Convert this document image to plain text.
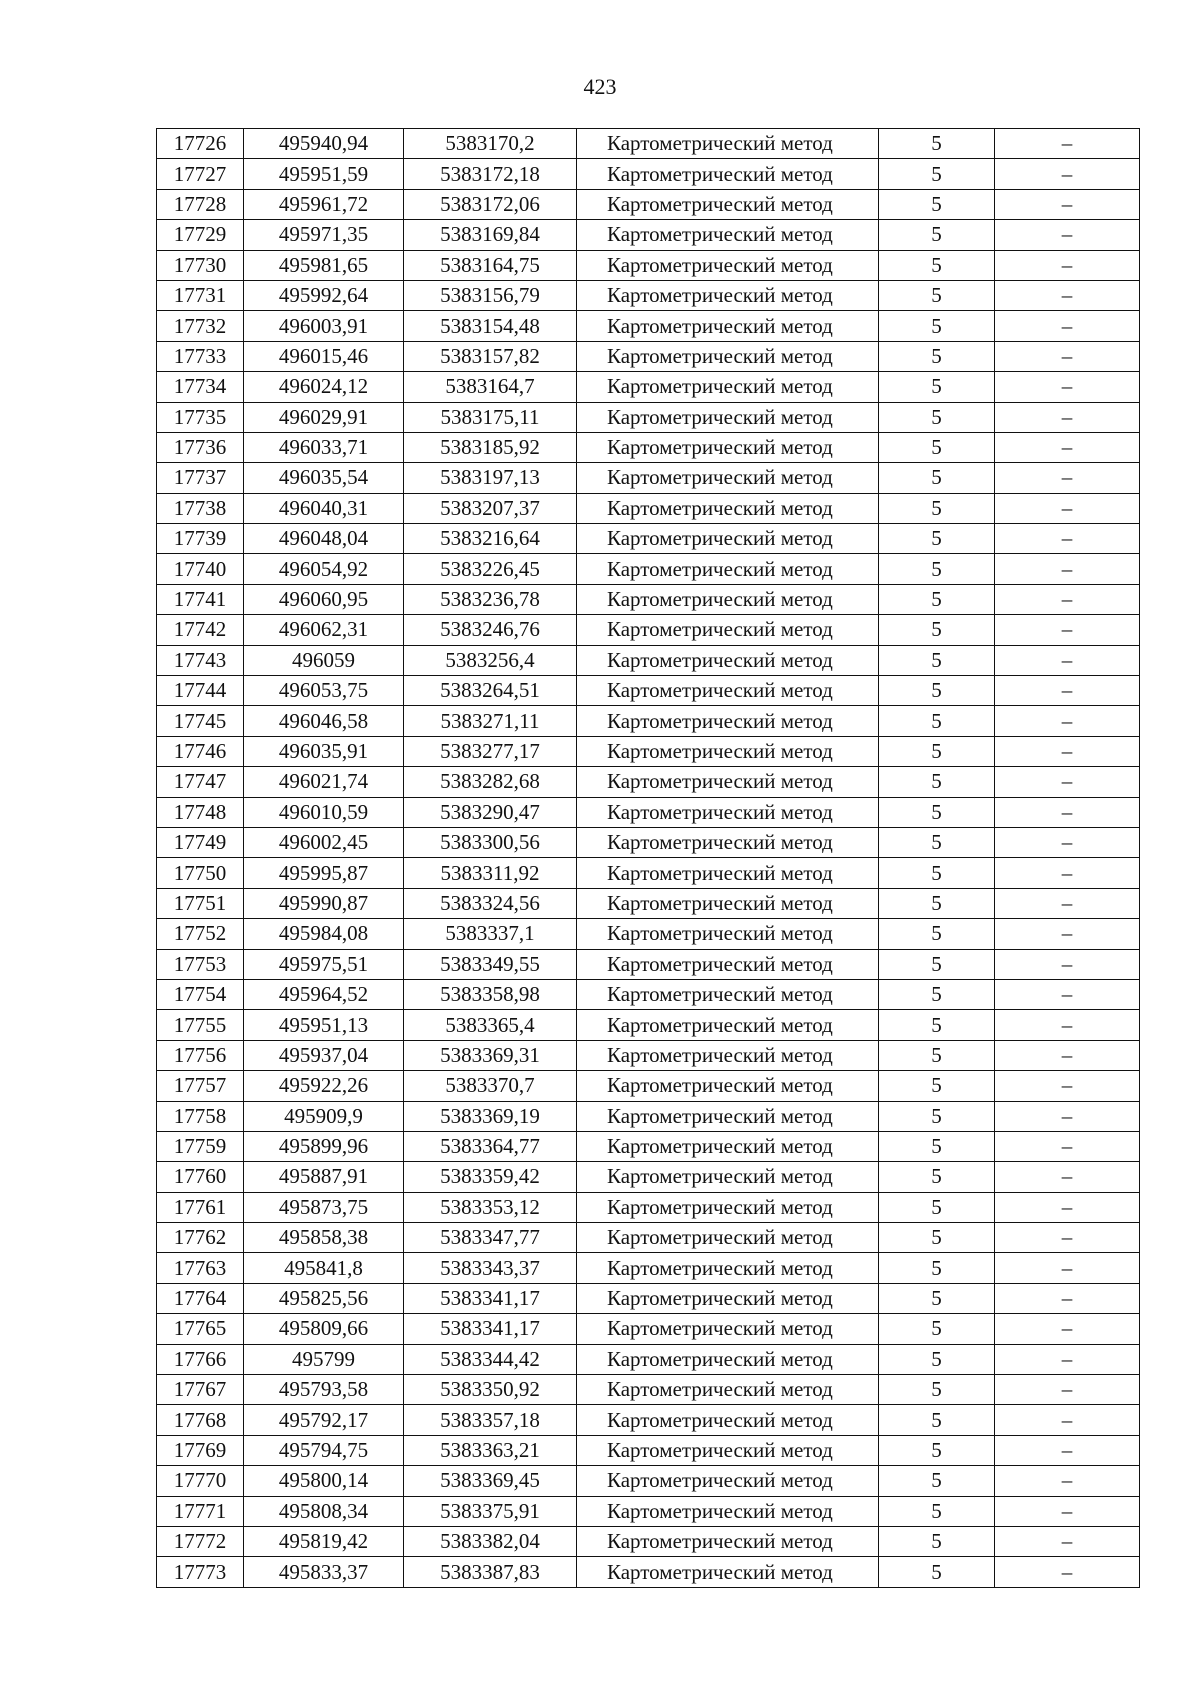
423
17726	495940,94	5383170,2	Картометрический метод	5	–
17727	495951,59	5383172,18	Картометрический метод	5	–
17728	495961,72	5383172,06	Картометрический метод	5	–
17729	495971,35	5383169,84	Картометрический метод	5	–
17730	495981,65	5383164,75	Картометрический метод	5	–
17731	495992,64	5383156,79	Картометрический метод	5	–
17732	496003,91	5383154,48	Картометрический метод	5	–
17733	496015,46	5383157,82	Картометрический метод	5	–
17734	496024,12	5383164,7	Картометрический метод	5	–
17735	496029,91	5383175,11	Картометрический метод	5	–
17736	496033,71	5383185,92	Картометрический метод	5	–
17737	496035,54	5383197,13	Картометрический метод	5	–
17738	496040,31	5383207,37	Картометрический метод	5	–
17739	496048,04	5383216,64	Картометрический метод	5	–
17740	496054,92	5383226,45	Картометрический метод	5	–
17741	496060,95	5383236,78	Картометрический метод	5	–
17742	496062,31	5383246,76	Картометрический метод	5	–
17743	496059	5383256,4	Картометрический метод	5	–
17744	496053,75	5383264,51	Картометрический метод	5	–
17745	496046,58	5383271,11	Картометрический метод	5	–
17746	496035,91	5383277,17	Картометрический метод	5	–
17747	496021,74	5383282,68	Картометрический метод	5	–
17748	496010,59	5383290,47	Картометрический метод	5	–
17749	496002,45	5383300,56	Картометрический метод	5	–
17750	495995,87	5383311,92	Картометрический метод	5	–
17751	495990,87	5383324,56	Картометрический метод	5	–
17752	495984,08	5383337,1	Картометрический метод	5	–
17753	495975,51	5383349,55	Картометрический метод	5	–
17754	495964,52	5383358,98	Картометрический метод	5	–
17755	495951,13	5383365,4	Картометрический метод	5	–
17756	495937,04	5383369,31	Картометрический метод	5	–
17757	495922,26	5383370,7	Картометрический метод	5	–
17758	495909,9	5383369,19	Картометрический метод	5	–
17759	495899,96	5383364,77	Картометрический метод	5	–
17760	495887,91	5383359,42	Картометрический метод	5	–
17761	495873,75	5383353,12	Картометрический метод	5	–
17762	495858,38	5383347,77	Картометрический метод	5	–
17763	495841,8	5383343,37	Картометрический метод	5	–
17764	495825,56	5383341,17	Картометрический метод	5	–
17765	495809,66	5383341,17	Картометрический метод	5	–
17766	495799	5383344,42	Картометрический метод	5	–
17767	495793,58	5383350,92	Картометрический метод	5	–
17768	495792,17	5383357,18	Картометрический метод	5	–
17769	495794,75	5383363,21	Картометрический метод	5	–
17770	495800,14	5383369,45	Картометрический метод	5	–
17771	495808,34	5383375,91	Картометрический метод	5	–
17772	495819,42	5383382,04	Картометрический метод	5	–
17773	495833,37	5383387,83	Картометрический метод	5	–
